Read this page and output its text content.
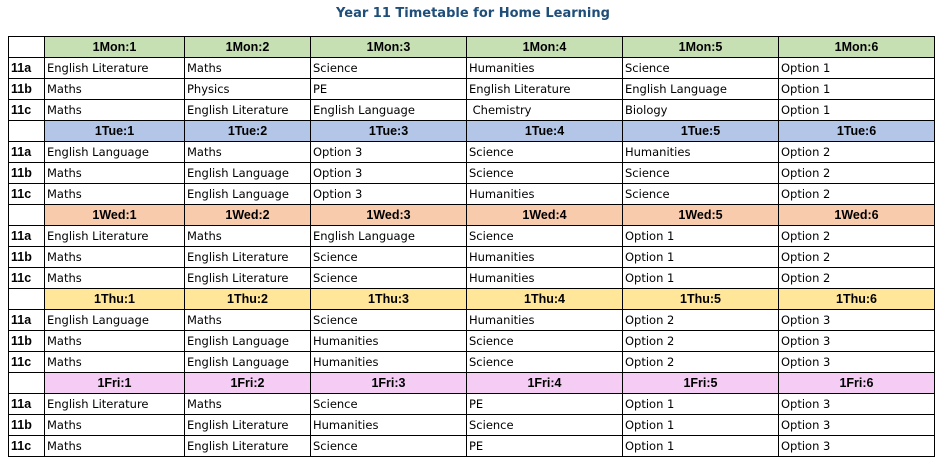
Year 11 Timetable for Home Learning
	1Mon:1	1Mon:2	1Mon:3	1Mon:4	1Mon:5	1Mon:6
11a	English Literature	Maths	Science	Humanities	Science	Option 1
11b	Maths	Physics	PE	English Literature	English Language	Option 1
11c	Maths	English Literature	English Language	Chemistry	Biology	Option 1
	1Tue:1	1Tue:2	1Tue:3	1Tue:4	1Tue:5	1Tue:6
11a	English Language	Maths	Option 3	Science	Humanities	Option 2
11b	Maths	English Language	Option 3	Science	Science	Option 2
11c	Maths	English Language	Option 3	Humanities	Science	Option 2
	1Wed:1	1Wed:2	1Wed:3	1Wed:4	1Wed:5	1Wed:6
11a	English Literature	Maths	English Language	Science	Option 1	Option 2
11b	Maths	English Literature	Science	Humanities	Option 1	Option 2
11c	Maths	English Literature	Science	Humanities	Option 1	Option 2
	1Thu:1	1Thu:2	1Thu:3	1Thu:4	1Thu:5	1Thu:6
11a	English Language	Maths	Science	Humanities	Option 2	Option 3
11b	Maths	English Language	Humanities	Science	Option 2	Option 3
11c	Maths	English Language	Humanities	Science	Option 2	Option 3
	1Fri:1	1Fri:2	1Fri:3	1Fri:4	1Fri:5	1Fri:6
11a	English Literature	Maths	Science	PE	Option 1	Option 3
11b	Maths	English Literature	Humanities	Science	Option 1	Option 3
11c	Maths	English Literature	Science	PE	Option 1	Option 3
